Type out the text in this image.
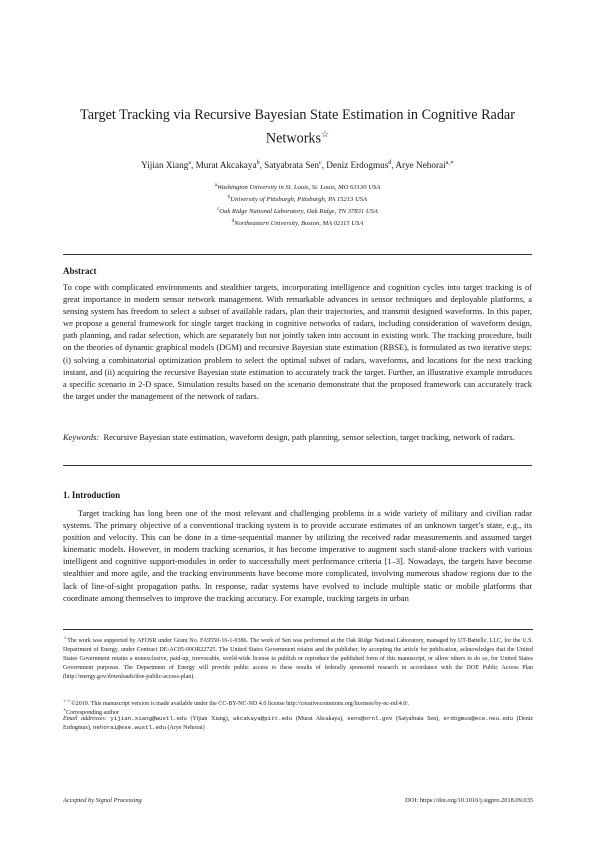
Target Tracking via Recursive Bayesian State Estimation in Cognitive Radar Networks☆
Yijian Xiang$^a$, Murat Akcakaya$^b$, Satyabrata Sen$^c$, Deniz Erdogmus$^d$, Arye Nehorai$^{a,∗}$
$^a$Washington University in St. Louis, St. Louis, MO 63130 USA
$^b$University of Pittsburgh, Pittsburgh, PA 15213 USA
$^c$Oak Ridge National Laboratory, Oak Ridge, TN 37831 USA
$^d$Northeastern University, Boston, MA 02115 USA
Abstract
To cope with complicated environments and stealthier targets, incorporating intelligence and cognition cycles into target tracking is of great importance in modern sensor network management. With remarkable advances in sensor techniques and deployable platforms, a sensing system has freedom to select a subset of available radars, plan their trajectories, and transmit designed waveforms. In this paper, we propose a general framework for single target tracking in cognitive networks of radars, including consideration of waveform design, path planning, and radar selection, which are separately but not jointly taken into account in existing work. The tracking procedure, built on the theories of dynamic graphical models (DGM) and recursive Bayesian state estimation (RBSE), is formulated as two iterative steps: (i) solving a combinatorial optimization problem to select the optimal subset of radars, waveforms, and locations for the next tracking instant, and (ii) acquiring the recursive Bayesian state estimation to accurately track the target. Further, an illustrative example introduces a specific scenario in 2-D space. Simulation results based on the scenario demonstrate that the proposed framework can accurately track the target under the management of the network of radars.
Keywords: Recursive Bayesian state estimation, waveform design, path planning, sensor selection, target tracking, network of radars.
1. Introduction
Target tracking has long been one of the most relevant and challenging problems in a wide variety of military and civilian radar systems. The primary objective of a conventional tracking system is to provide accurate estimates of an unknown target’s state, e.g., its position and velocity. This can be done in a time-sequential manner by utilizing the received radar measurements and assumed target kinematic models. However, in modern tracking scenarios, it has become imperative to augment such stand-alone trackers with various intelligent and cognitive support-modules in order to successfully meet performance criteria [1–3]. Nowadays, the targets have become stealthier and more agile, and the tracking environments have become more complicated, involving numerous shadow regions due to the lack of line-of-sight propagation paths. In response, radar systems have evolved to include multiple static or mobile platforms that coordinate among themselves to improve the tracking accuracy. For example, tracking targets in urban
☆The work was supported by AFOSR under Grant No. FA9550-16-1-0386. The work of Sen was performed at the Oak Ridge National Laboratory, managed by UT-Battelle, LLC, for the U.S. Department of Energy, under Contract DE-AC05-00OR22725. The United States Government retains and the publisher, by accepting the article for publication, acknowledges that the United States Government retains a nonexclusive, paid-up, irrevocable, world-wide license to publish or reproduce the published form of this manuscript, or allow others to do so, for United States Government purposes. The Department of Energy will provide public access to these results of federally sponsored research in accordance with the DOE Public Access Plan (http://energy.gov/downloads/doe-public-access-plan).
☆☆©2019. This manuscript version is made available under the CC-BY-NC-ND 4.0 license http://creativecommons.org/licenses/by-nc-nd/4.0/.
∗Corresponding author
Email addresses: yijian.xiang@wustl.edu (Yijian Xiang), akcakaya@pitt.edu (Murat Akcakaya), sens@ornl.gov (Satyabrata Sen), erdogmus@ece.neu.edu (Deniz Erdogmus), nehorai@ese.wustl.edu (Arye Nehorai)
Accepted by Signal Processing	DOI: https://doi.org/10.1016/j.sigpro.2018.09.035
